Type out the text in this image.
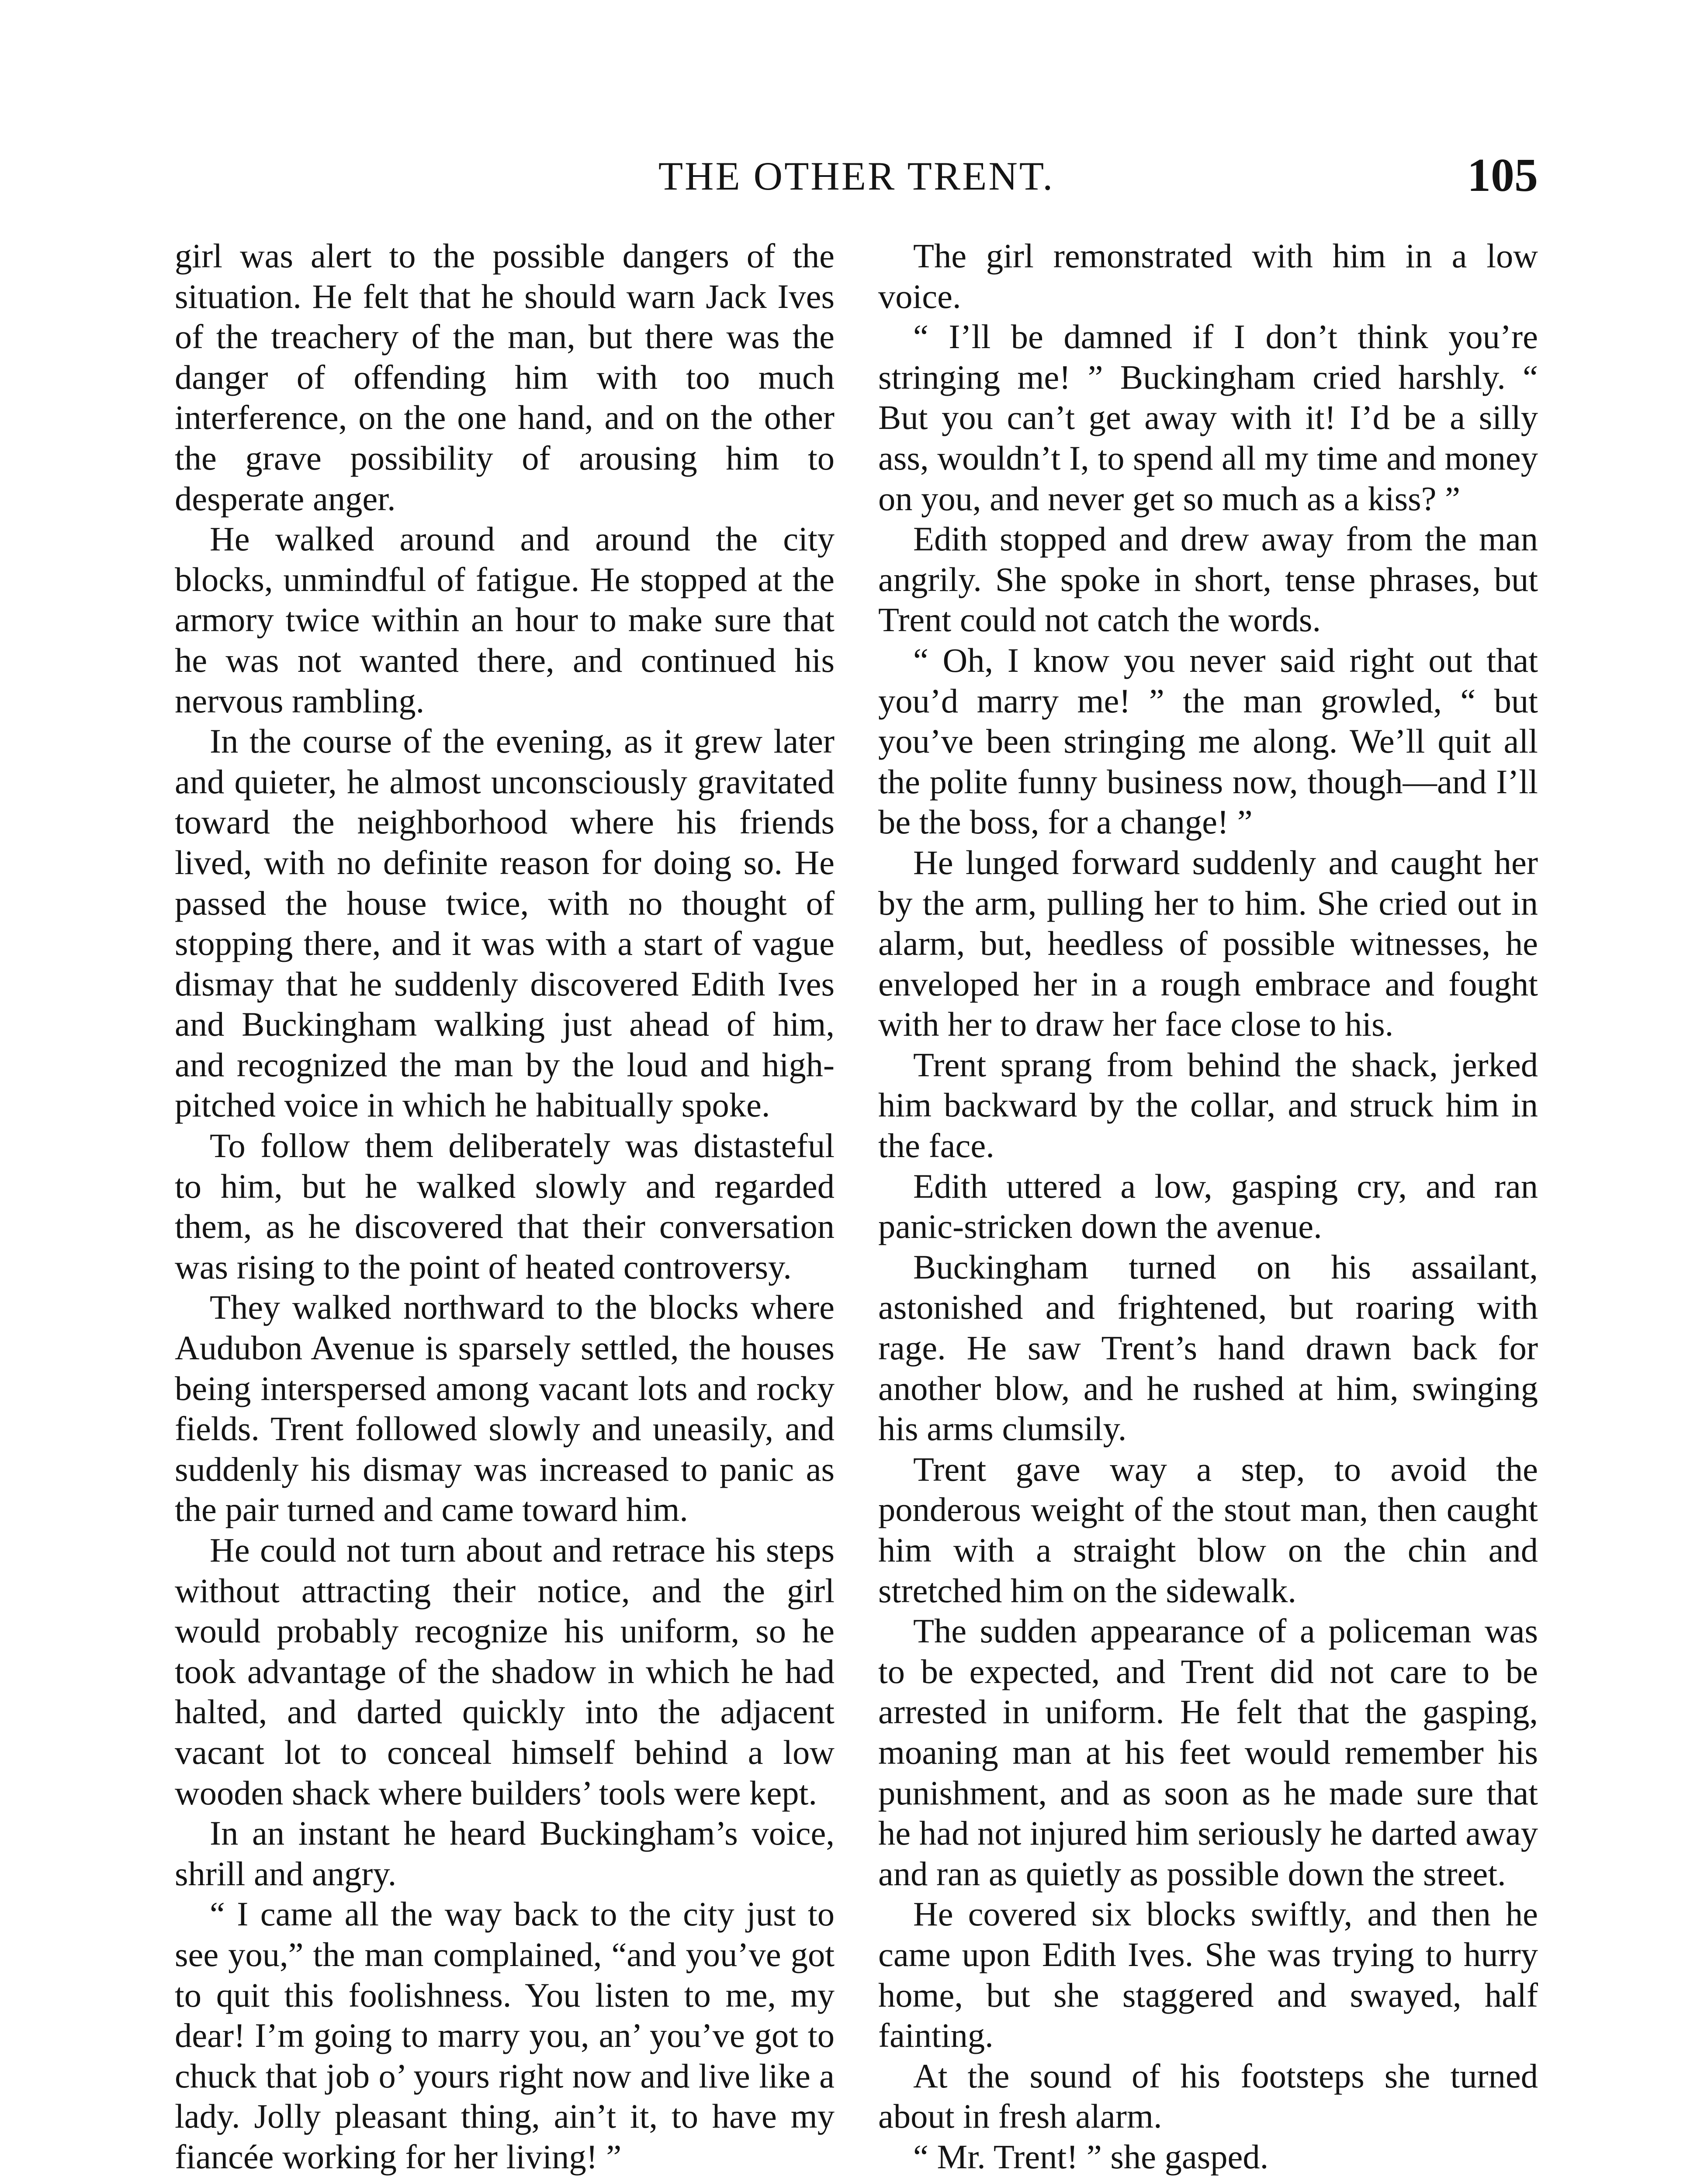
THE OTHER TRENT.	105

girl was alert to the possible dangers of the situation. He felt that he should warn Jack Ives of the treachery of the man, but there was the danger of offending him with too much interference, on the one hand, and on the other the grave possibility of arousing him to desperate anger.

He walked around and around the city blocks, unmindful of fatigue. He stopped at the armory twice within an hour to make sure that he was not wanted there, and continued his nervous rambling.

In the course of the evening, as it grew later and quieter, he almost unconsciously gravitated toward the neighborhood where his friends lived, with no definite reason for doing so. He passed the house twice, with no thought of stopping there, and it was with a start of vague dismay that he suddenly discovered Edith Ives and Buckingham walking just ahead of him, and recognized the man by the loud and high-pitched voice in which he habitually spoke.

To follow them deliberately was distasteful to him, but he walked slowly and regarded them, as he discovered that their conversation was rising to the point of heated controversy.

They walked northward to the blocks where Audubon Avenue is sparsely settled, the houses being interspersed among vacant lots and rocky fields. Trent followed slowly and uneasily, and suddenly his dismay was increased to panic as the pair turned and came toward him.

He could not turn about and retrace his steps without attracting their notice, and the girl would probably recognize his uniform, so he took advantage of the shadow in which he had halted, and darted quickly into the adjacent vacant lot to conceal himself behind a low wooden shack where builders’ tools were kept.

In an instant he heard Buckingham’s voice, shrill and angry.

“ I came all the way back to the city just to see you,” the man complained, “and you’ve got to quit this foolishness. You listen to me, my dear! I’m going to marry you, an’ you’ve got to chuck that job o’ yours right now and live like a lady. Jolly pleasant thing, ain’t it, to have my fiancée working for her living! ”

The girl remonstrated with him in a low voice.

“ I’ll be damned if I don’t think you’re stringing me! ” Buckingham cried harshly. “ But you can’t get away with it! I’d be a silly ass, wouldn’t I, to spend all my time and money on you, and never get so much as a kiss? ”

Edith stopped and drew away from the man angrily. She spoke in short, tense phrases, but Trent could not catch the words.

“ Oh, I know you never said right out that you’d marry me! ” the man growled, “ but you’ve been stringing me along. We’ll quit all the polite funny business now, though—and I’ll be the boss, for a change! ”

He lunged forward suddenly and caught her by the arm, pulling her to him. She cried out in alarm, but, heedless of possible witnesses, he enveloped her in a rough embrace and fought with her to draw her face close to his.

Trent sprang from behind the shack, jerked him backward by the collar, and struck him in the face.

Edith uttered a low, gasping cry, and ran panic-stricken down the avenue.

Buckingham turned on his assailant, astonished and frightened, but roaring with rage. He saw Trent’s hand drawn back for another blow, and he rushed at him, swinging his arms clumsily.

Trent gave way a step, to avoid the ponderous weight of the stout man, then caught him with a straight blow on the chin and stretched him on the sidewalk.

The sudden appearance of a policeman was to be expected, and Trent did not care to be arrested in uniform. He felt that the gasping, moaning man at his feet would remember his punishment, and as soon as he made sure that he had not injured him seriously he darted away and ran as quietly as possible down the street.

He covered six blocks swiftly, and then he came upon Edith Ives. She was trying to hurry home, but she staggered and swayed, half fainting.

At the sound of his footsteps she turned about in fresh alarm.

“ Mr. Trent! ” she gasped.
